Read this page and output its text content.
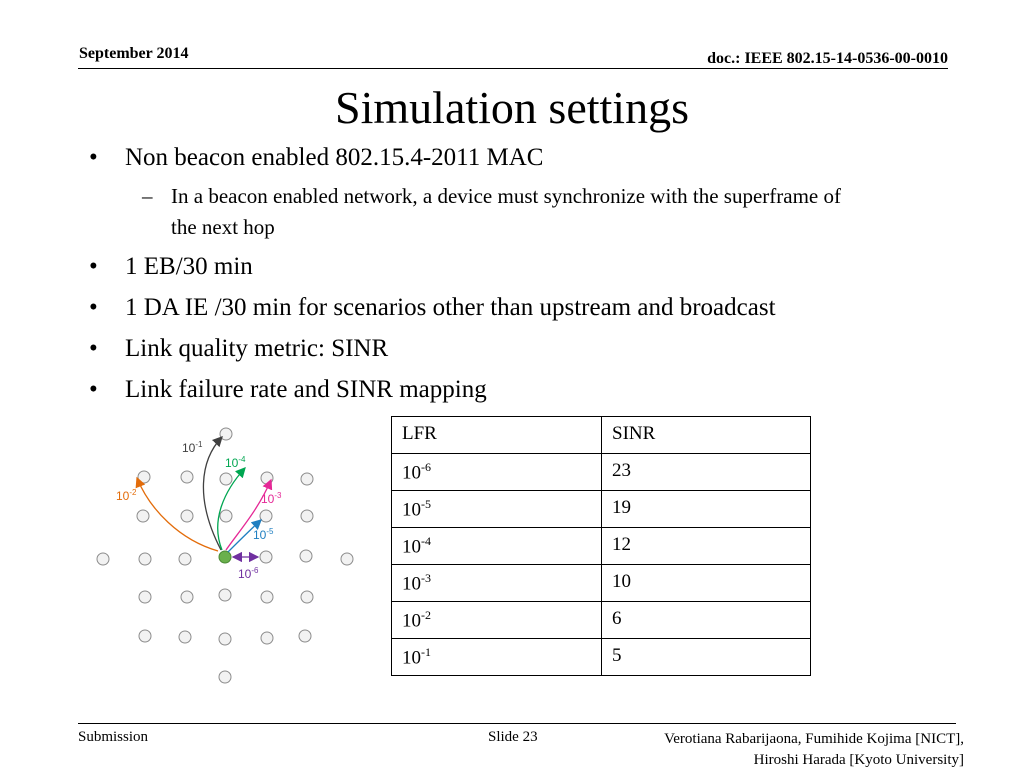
September 2014	doc.: IEEE 802.15-14-0536-00-0010
Simulation settings
• Non beacon enabled 802.15.4-2011 MAC
– In a beacon enabled network, a device must synchronize with the superframe of the next hop
• 1 EB/30 min
• 1 DA IE /30 min for scenarios other than upstream and broadcast
• Link quality metric: SINR
• Link failure rate and SINR mapping
LFR	SINR
$10^{-6}$	23
$10^{-5}$	19
$10^{-4}$	12
$10^{-3}$	10
$10^{-2}$	6
$10^{-1}$	5
$10^{-1}$
$10^{-4}$
$10^{-2}$	$10^{-3}$
$10^{-5}$
$10^{-6}$
Submission	Slide 23	Verotiana Rabarijaona, Fumihide Kojima [NICT],
Hiroshi Harada [Kyoto University]
